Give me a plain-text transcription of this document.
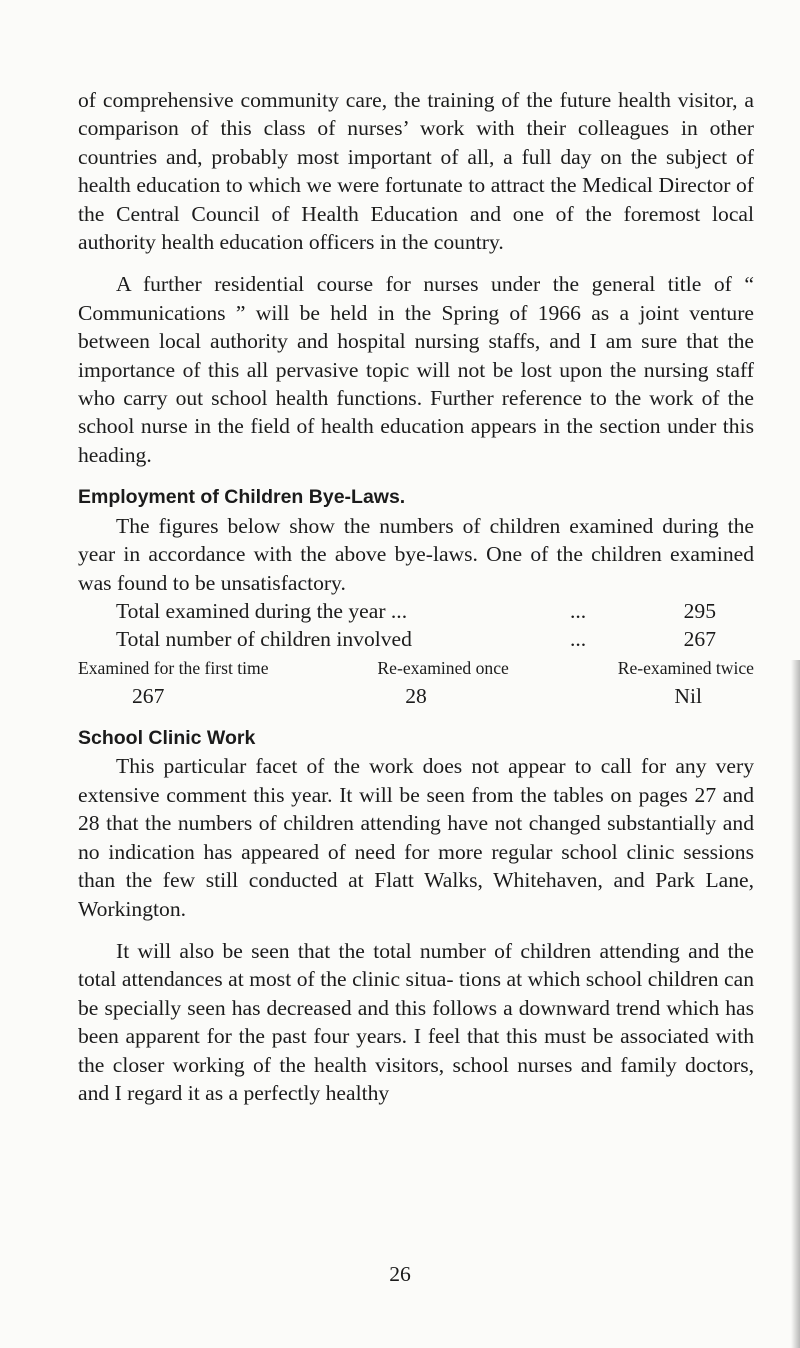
of comprehensive community care, the training of the future health visitor, a comparison of this class of nurses’ work with their colleagues in other countries and, probably most important of all, a full day on the subject of health education to which we were fortunate to attract the Medical Director of the Central Council of Health Education and one of the foremost local authority health education officers in the country.

A further residential course for nurses under the general title of “ Communications ” will be held in the Spring of 1966 as a joint venture between local authority and hospital nursing staffs, and I am sure that the importance of this all pervasive topic will not be lost upon the nursing staff who carry out school health functions. Further reference to the work of the school nurse in the field of health education appears in the section under this heading.

Employment of Children Bye-Laws.

The figures below show the numbers of children examined during the year in accordance with the above bye-laws. One of the children examined was found to be unsatisfactory.

Total examined during the year ...	...	295
Total number of children involved	...	267
Examined for the first time	Re-examined once	Re-examined twice
267	28	Nil
School Clinic Work

This particular facet of the work does not appear to call for any very extensive comment this year. It will be seen from the tables on pages 27 and 28 that the numbers of children attending have not changed substantially and no indication has appeared of need for more regular school clinic sessions than the few still conducted at Flatt Walks, Whitehaven, and Park Lane, Workington.

It will also be seen that the total number of children attending and the total attendances at most of the clinic situa- tions at which school children can be specially seen has decreased and this follows a downward trend which has been apparent for the past four years. I feel that this must be associated with the closer working of the health visitors, school nurses and family doctors, and I regard it as a perfectly healthy

26
